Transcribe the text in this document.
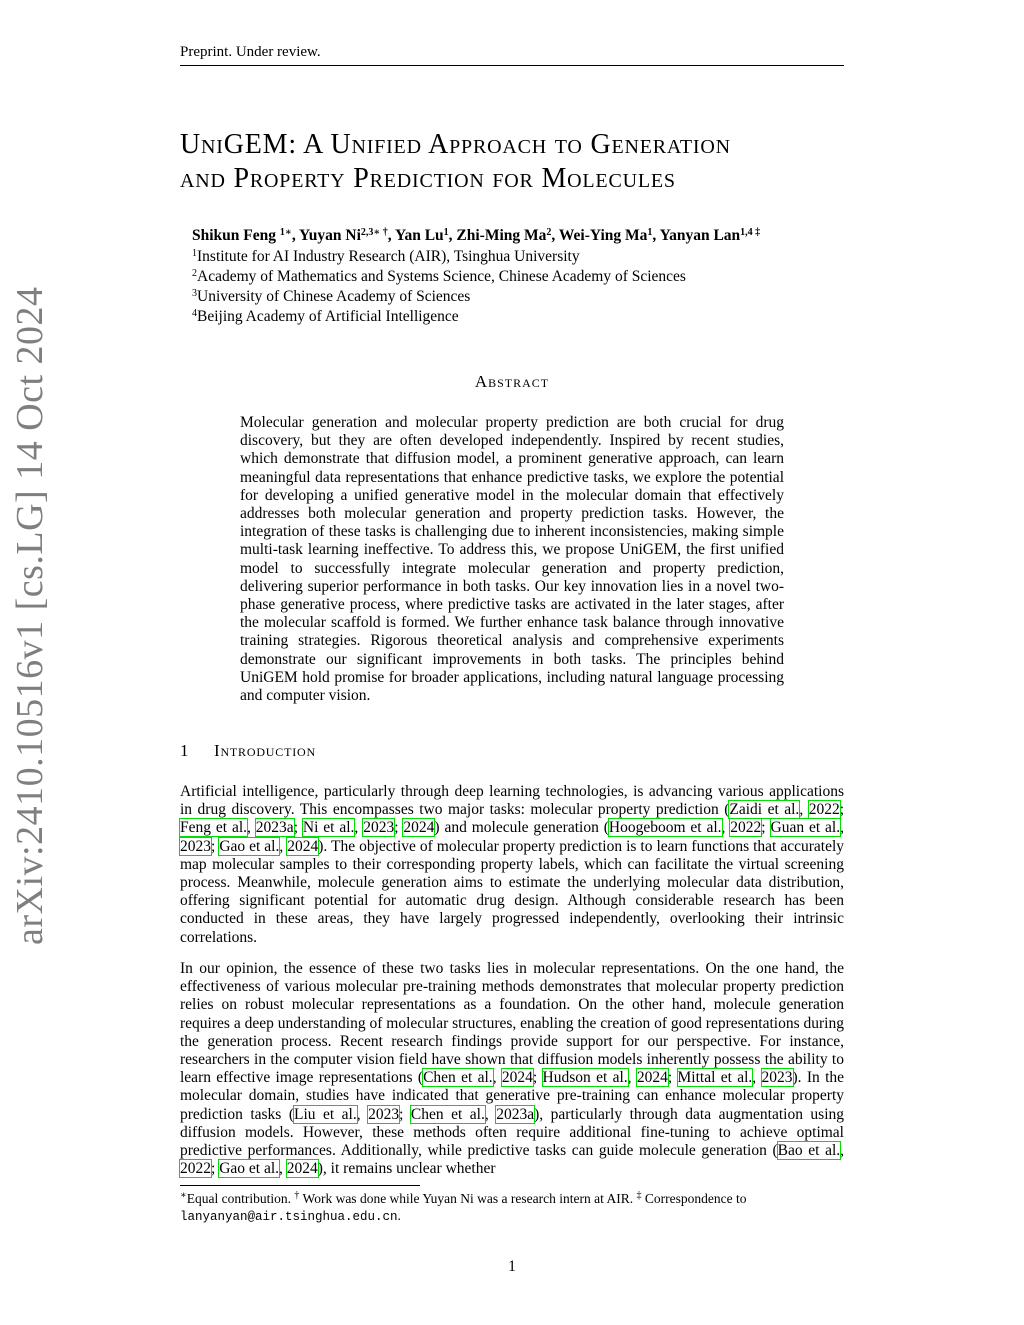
Preprint. Under review.
arXiv:2410.10516v1 [cs.LG] 14 Oct 2024
UniGEM: A Unified Approach to Generation
and Property Prediction for Molecules
Shikun Feng $^{1∗}$, Yuyan $Ni^{2,3∗ \dagger}$, Yan Lu$^1$, Zhi-Ming Ma$^2$, Wei-Ying Ma$^1$, Yanyan Lan$^{1,4 \ddagger}$
$^1$Institute for AI Industry Research (AIR), Tsinghua University
$^2$Academy of Mathematics and Systems Science, Chinese Academy of Sciences
$^3$University of Chinese Academy of Sciences
$^4$Beijing Academy of Artificial Intelligence
Abstract
Molecular generation and molecular property prediction are both crucial for drug discovery, but they are often developed independently. Inspired by recent studies, which demonstrate that diffusion model, a prominent generative approach, can learn meaningful data representations that enhance predictive tasks, we explore the potential for developing a unified generative model in the molecular domain that effectively addresses both molecular generation and property prediction tasks. However, the integration of these tasks is challenging due to inherent inconsistencies, making simple multi-task learning ineffective. To address this, we propose UniGEM, the first unified model to successfully integrate molecular generation and property prediction, delivering superior performance in both tasks. Our key innovation lies in a novel two-phase generative process, where predictive tasks are activated in the later stages, after the molecular scaffold is formed. We further enhance task balance through innovative training strategies. Rigorous theoretical analysis and comprehensive experiments demonstrate our significant improvements in both tasks. The principles behind UniGEM hold promise for broader applications, including natural language processing and computer vision.
1 Introduction

Artificial intelligence, particularly through deep learning technologies, is advancing various applications in drug discovery. This encompasses two major tasks: molecular property prediction (Zaidi et al., 2022; Feng et al., 2023a; Ni et al., 2023; 2024) and molecule generation (Hoogeboom et al., 2022; Guan et al., 2023; Gao et al., 2024). The objective of molecular property prediction is to learn functions that accurately map molecular samples to their corresponding property labels, which can facilitate the virtual screening process. Meanwhile, molecule generation aims to estimate the underlying molecular data distribution, offering significant potential for automatic drug design. Although considerable research has been conducted in these areas, they have largely progressed independently, overlooking their intrinsic correlations.

In our opinion, the essence of these two tasks lies in molecular representations. On the one hand, the effectiveness of various molecular pre-training methods demonstrates that molecular property prediction relies on robust molecular representations as a foundation. On the other hand, molecule generation requires a deep understanding of molecular structures, enabling the creation of good representations during the generation process. Recent research findings provide support for our perspective. For instance, researchers in the computer vision field have shown that diffusion models inherently possess the ability to learn effective image representations (Chen et al., 2024; Hudson et al., 2024; Mittal et al., 2023). In the molecular domain, studies have indicated that generative pre-training can enhance molecular property prediction tasks (Liu et al., 2023; Chen et al., 2023a), particularly through data augmentation using diffusion models. However, these methods often require additional fine-tuning to achieve optimal predictive performances. Additionally, while predictive tasks can guide molecule generation (Bao et al., 2022; Gao et al., 2024), it remains unclear whether

∗Equal contribution. † Work was done while Yuyan Ni was a research intern at AIR. ‡ Correspondence to
lanyanyan@air.tsinghua.edu.cn.
1
